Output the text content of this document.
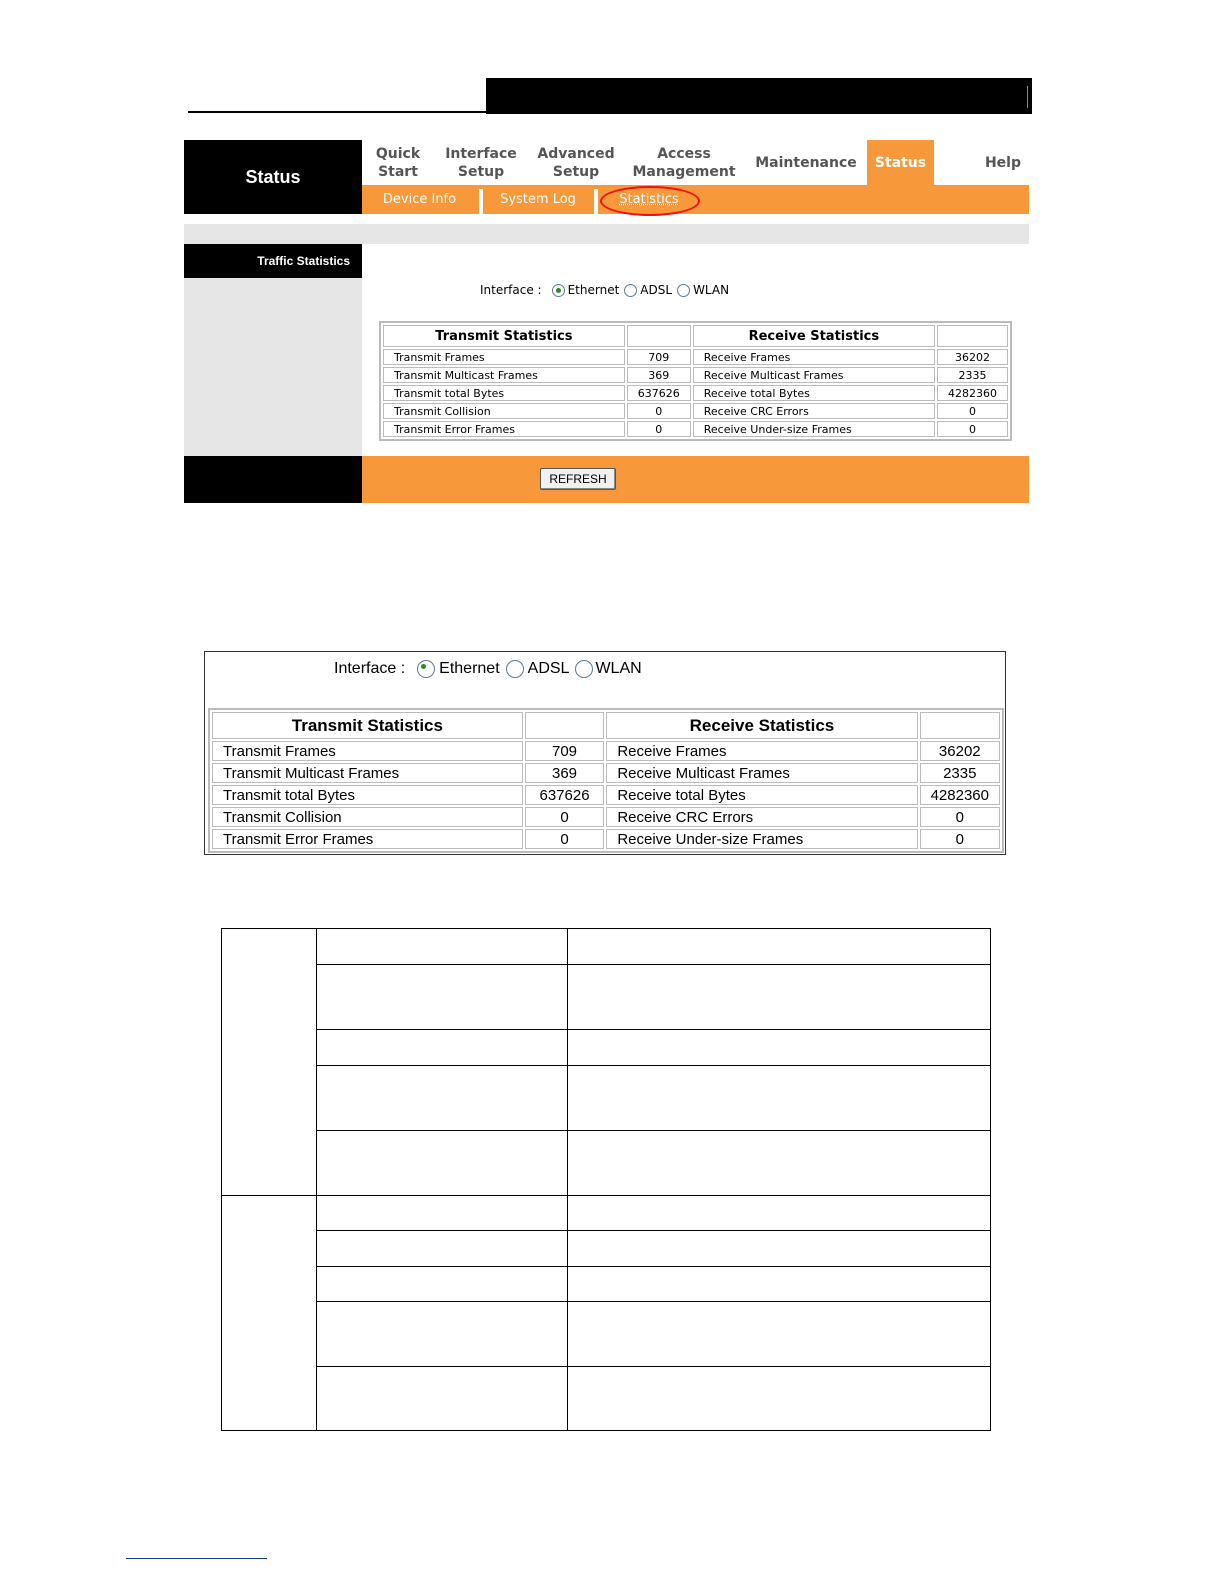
Status
Quick
Start
Interface
Setup
Advanced
Setup
Access
Management
Maintenance	Status	Help
Device Info	System Log	Statistics
Traffic Statistics
Interface : Ethernet ADSL WLAN
Transmit Statistics		Receive Statistics	
Transmit Frames	709	Receive Frames	36202
Transmit Multicast Frames	369	Receive Multicast Frames	2335
Transmit total Bytes	637626	Receive total Bytes	4282360
Transmit Collision	0	Receive CRC Errors	0
Transmit Error Frames	0	Receive Under-size Frames	0
REFRESH
Interface : Ethernet ADSL WLAN
Transmit Statistics		Receive Statistics	
Transmit Frames	709	Receive Frames	36202
Transmit Multicast Frames	369	Receive Multicast Frames	2335
Transmit total Bytes	637626	Receive total Bytes	4282360
Transmit Collision	0	Receive CRC Errors	0
Transmit Error Frames	0	Receive Under-size Frames	0
